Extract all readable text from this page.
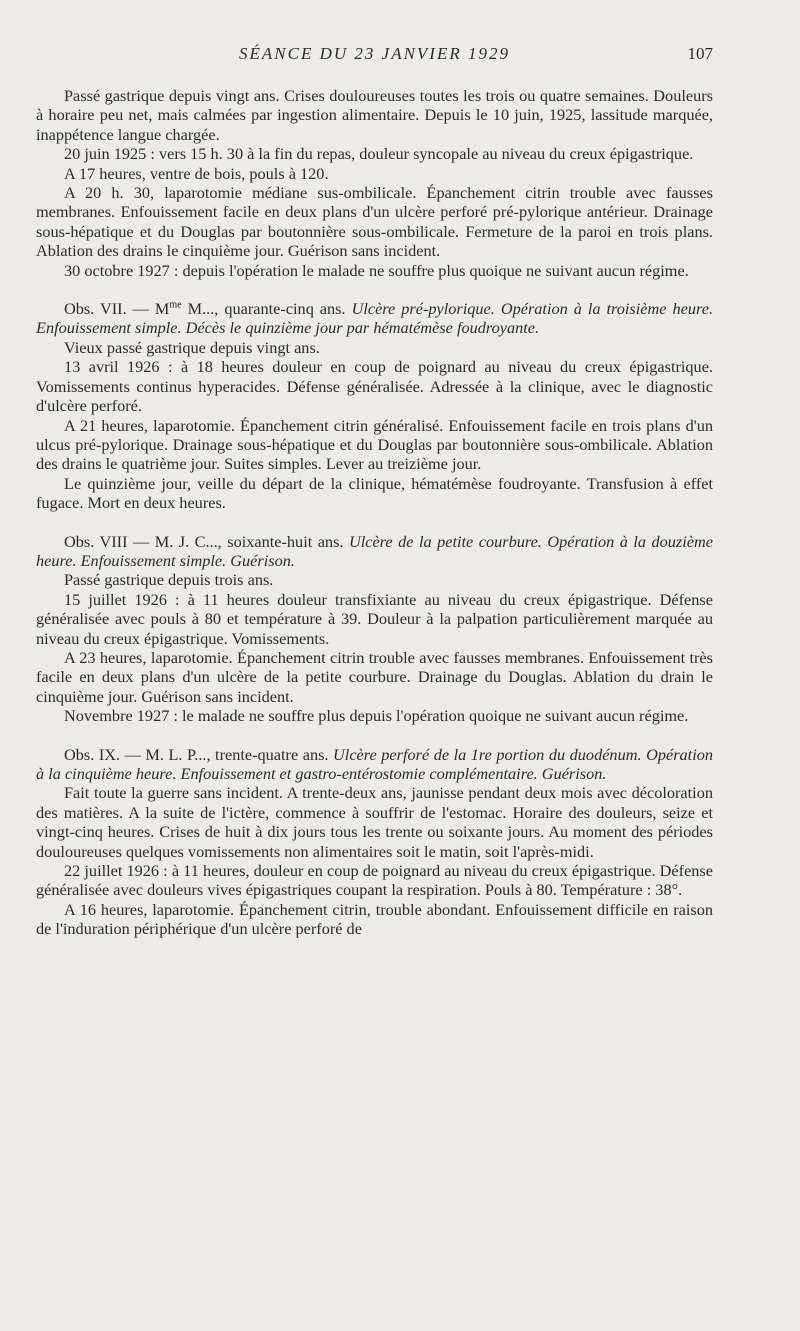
SÉANCE DU 23 JANVIER 1929	107

Passé gastrique depuis vingt ans. Crises douloureuses toutes les trois ou quatre semaines. Douleurs à horaire peu net, mais calmées par ingestion alimentaire. Depuis le 10 juin, 1925, lassitude marquée, inappétence langue chargée.

20 juin 1925 : vers 15 h. 30 à la fin du repas, douleur syncopale au niveau du creux épigastrique.

A 17 heures, ventre de bois, pouls à 120.

A 20 h. 30, laparotomie médiane sus-ombilicale. Épanchement citrin trouble avec fausses membranes. Enfouissement facile en deux plans d'un ulcère perforé pré-pylorique antérieur. Drainage sous-hépatique et du Douglas par boutonnière sous-ombilicale. Fermeture de la paroi en trois plans. Ablation des drains le cinquième jour. Guérison sans incident.

30 octobre 1927 : depuis l'opération le malade ne souffre plus quoique ne suivant aucun régime.

Obs. VII. — $M^{me}$ M..., quarante-cinq ans. Ulcère pré-pylorique. Opération à la troisième heure. Enfouissement simple. Décès le quinzième jour par hématémèse foudroyante.

Vieux passé gastrique depuis vingt ans.

13 avril 1926 : à 18 heures douleur en coup de poignard au niveau du creux épigastrique. Vomissements continus hyperacides. Défense généralisée. Adressée à la clinique, avec le diagnostic d'ulcère perforé.

A 21 heures, laparotomie. Épanchement citrin généralisé. Enfouissement facile en trois plans d'un ulcus pré-pylorique. Drainage sous-hépatique et du Douglas par boutonnière sous-ombilicale. Ablation des drains le quatrième jour. Suites simples. Lever au treizième jour.

Le quinzième jour, veille du départ de la clinique, hématémèse foudroyante. Transfusion à effet fugace. Mort en deux heures.

Obs. VIII — M. J. C..., soixante-huit ans. Ulcère de la petite courbure. Opération à la douzième heure. Enfouissement simple. Guérison.

Passé gastrique depuis trois ans.

15 juillet 1926 : à 11 heures douleur transfixiante au niveau du creux épigastrique. Défense généralisée avec pouls à 80 et température à 39. Douleur à la palpation particulièrement marquée au niveau du creux épigastrique. Vomissements.

A 23 heures, laparotomie. Épanchement citrin trouble avec fausses membranes. Enfouissement très facile en deux plans d'un ulcère de la petite courbure. Drainage du Douglas. Ablation du drain le cinquième jour. Guérison sans incident.

Novembre 1927 : le malade ne souffre plus depuis l'opération quoique ne suivant aucun régime.

Obs. IX. — M. L. P..., trente-quatre ans. Ulcère perforé de la 1re portion du duodénum. Opération à la cinquième heure. Enfouissement et gastro-entérostomie complémentaire. Guérison.

Fait toute la guerre sans incident. A trente-deux ans, jaunisse pendant deux mois avec décoloration des matières. A la suite de l'ictère, commence à souffrir de l'estomac. Horaire des douleurs, seize et vingt-cinq heures. Crises de huit à dix jours tous les trente ou soixante jours. Au moment des périodes douloureuses quelques vomissements non alimentaires soit le matin, soit l'après-midi.

22 juillet 1926 : à 11 heures, douleur en coup de poignard au niveau du creux épigastrique. Défense généralisée avec douleurs vives épigastriques coupant la respiration. Pouls à 80. Température : 38°.

A 16 heures, laparotomie. Épanchement citrin, trouble abondant. Enfouissement difficile en raison de l'induration périphérique d'un ulcère perforé de
